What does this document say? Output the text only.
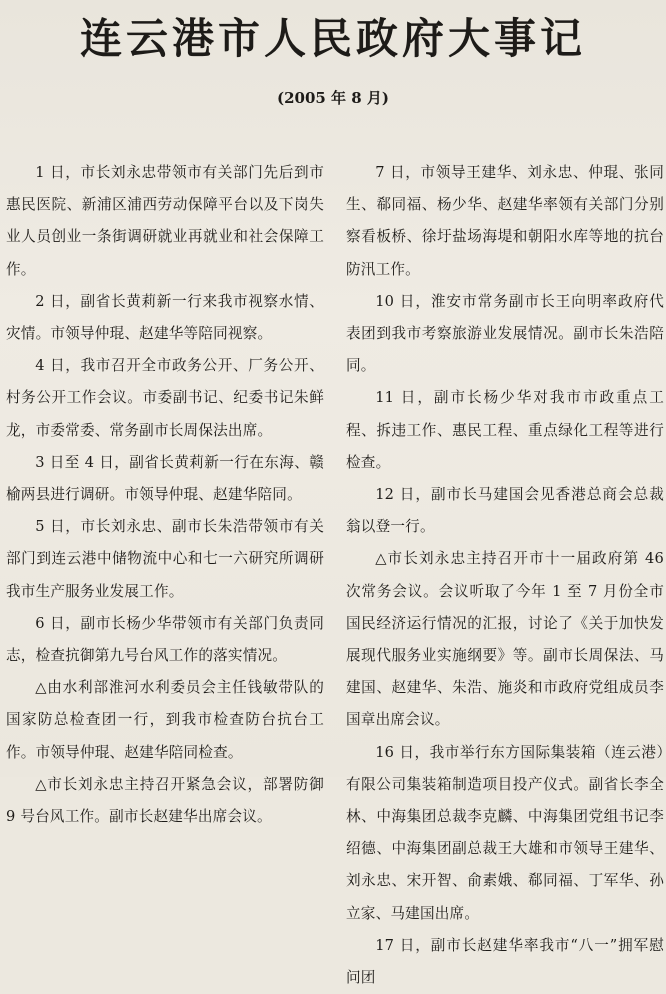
连云港市人民政府大事记
(2005 年 8 月)

1 日，市长刘永忠带领市有关部门先后到市惠民医院、新浦区浦西劳动保障平台以及下岗失业人员创业一条街调研就业再就业和社会保障工作。

2 日，副省长黄莉新一行来我市视察水情、灾情。市领导仲琨、赵建华等陪同视察。

4 日，我市召开全市政务公开、厂务公开、村务公开工作会议。市委副书记、纪委书记朱鲜龙，市委常委、常务副市长周保法出席。

3 日至 4 日，副省长黄莉新一行在东海、赣榆两县进行调研。市领导仲琨、赵建华陪同。

5 日，市长刘永忠、副市长朱浩带领市有关部门到连云港中储物流中心和七一六研究所调研我市生产服务业发展工作。

6 日，副市长杨少华带领市有关部门负责同志，检查抗御第九号台风工作的落实情况。

△由水利部淮河水利委员会主任钱敏带队的国家防总检查团一行，到我市检查防台抗台工作。市领导仲琨、赵建华陪同检查。

△市长刘永忠主持召开紧急会议，部署防御 9 号台风工作。副市长赵建华出席会议。

7 日，市领导王建华、刘永忠、仲琨、张同生、郗同福、杨少华、赵建华率领有关部门分别察看板桥、徐圩盐场海堤和朝阳水库等地的抗台防汛工作。

10 日，淮安市常务副市长王向明率政府代表团到我市考察旅游业发展情况。副市长朱浩陪同。

11 日，副市长杨少华对我市市政重点工程、拆违工作、惠民工程、重点绿化工程等进行检查。

12 日，副市长马建国会见香港总商会总裁翁以登一行。

△市长刘永忠主持召开市十一届政府第 46 次常务会议。会议听取了今年 1 至 7 月份全市国民经济运行情况的汇报，讨论了《关于加快发展现代服务业实施纲要》等。副市长周保法、马建国、赵建华、朱浩、施炎和市政府党组成员李国章出席会议。

16 日，我市举行东方国际集装箱（连云港）有限公司集装箱制造项目投产仪式。副省长李全林、中海集团总裁李克麟、中海集团党组书记李绍德、中海集团副总裁王大雄和市领导王建华、刘永忠、宋开智、俞素娥、郗同福、丁军华、孙立家、马建国出席。

17 日，副市长赵建华率我市“八一”拥军慰问团
